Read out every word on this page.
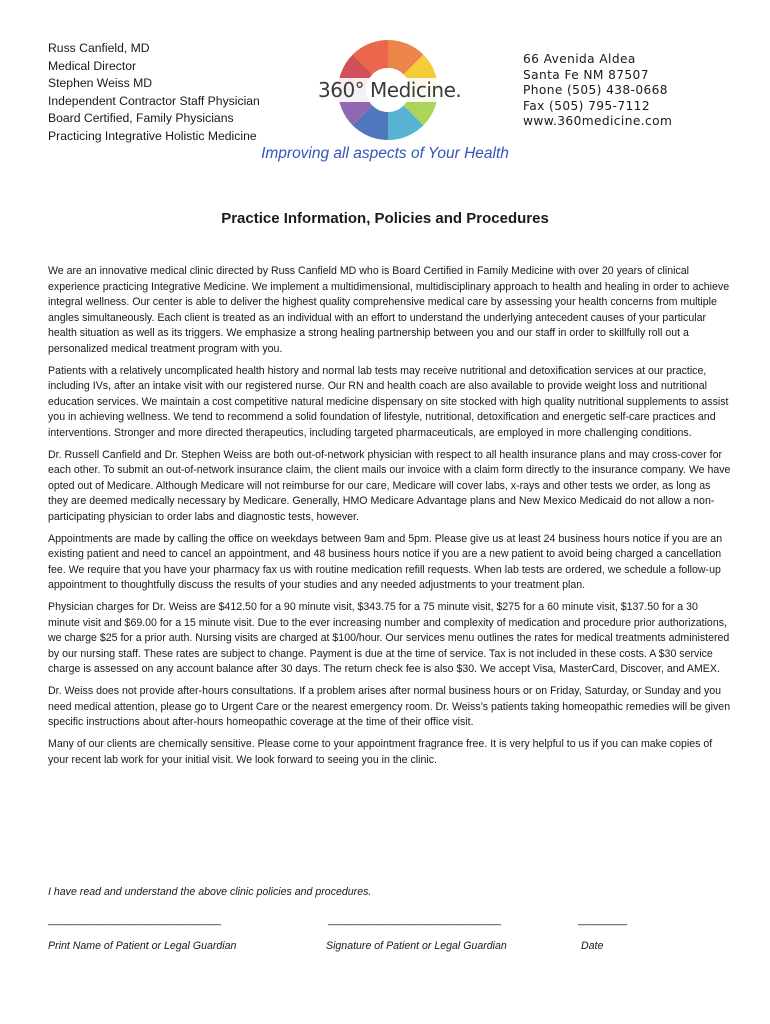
Russ Canfield, MD
Medical Director
Stephen Weiss MD
Independent Contractor Staff Physician
Board Certified, Family Physicians
Practicing Integrative Holistic Medicine
360° Medicine.
66 Avenida Aldea
Santa Fe NM 87507
Phone (505) 438-0668
Fax (505) 795-7112
www.360medicine.com
Improving all aspects of Your Health
Practice Information, Policies and Procedures

We are an innovative medical clinic directed by Russ Canfield MD who is Board Certified in Family Medicine with over 20 years of clinical experience practicing Integrative Medicine. We implement a multidimensional, multidisciplinary approach to health and healing in order to achieve integral wellness. Our center is able to deliver the highest quality comprehensive medical care by assessing your health concerns from multiple angles simultaneously. Each client is treated as an individual with an effort to understand the underlying antecedent causes of your particular health situation as well as its triggers. We emphasize a strong healing partnership between you and our staff in order to skillfully roll out a personalized medical treatment program with you.

Patients with a relatively uncomplicated health history and normal lab tests may receive nutritional and detoxification services at our practice, including IVs, after an intake visit with our registered nurse. Our RN and health coach are also available to provide weight loss and nutritional education services. We maintain a cost competitive natural medicine dispensary on site stocked with high quality nutritional supplements to assist you in achieving wellness. We tend to recommend a solid foundation of lifestyle, nutritional, detoxification and energetic self-care practices and interventions. Stronger and more directed therapeutics, including targeted pharmaceuticals, are employed in more challenging conditions.

Dr. Russell Canfield and Dr. Stephen Weiss are both out-of-network physician with respect to all health insurance plans and may cross-cover for each other. To submit an out-of-network insurance claim, the client mails our invoice with a claim form directly to the insurance company. We have opted out of Medicare. Although Medicare will not reimburse for our care, Medicare will cover labs, x-rays and other tests we order, as long as they are deemed medically necessary by Medicare. Generally, HMO Medicare Advantage plans and New Mexico Medicaid do not allow a non-participating physician to order labs and diagnostic tests, however.

Appointments are made by calling the office on weekdays between 9am and 5pm. Please give us at least 24 business hours notice if you are an existing patient and need to cancel an appointment, and 48 business hours notice if you are a new patient to avoid being charged a cancellation fee. We require that you have your pharmacy fax us with routine medication refill requests. When lab tests are ordered, we schedule a follow-up appointment to thoughtfully discuss the results of your studies and any needed adjustments to your treatment plan.

Physician charges for Dr. Weiss are $412.50 for a 90 minute visit, $343.75 for a 75 minute visit, $275 for a 60 minute visit, $137.50 for a 30 minute visit and $69.00 for a 15 minute visit. Due to the ever increasing number and complexity of medication and procedure prior authorizations, we charge $25 for a prior auth. Nursing visits are charged at $100/hour. Our services menu outlines the rates for medical treatments administered by our nursing staff. These rates are subject to change. Payment is due at the time of service. Tax is not included in these costs. A $30 service charge is assessed on any account balance after 30 days. The return check fee is also $30. We accept Visa, MasterCard, Discover, and AMEX.

Dr. Weiss does not provide after-hours consultations. If a problem arises after normal business hours or on Friday, Saturday, or Sunday and you need medical attention, please go to Urgent Care or the nearest emergency room. Dr. Weiss’s patients taking homeopathic remedies will be given specific instructions about after-hours homeopathic coverage at the time of their office visit.

Many of our clients are chemically sensitive. Please come to your appointment fragrance free. It is very helpful to us if you can make copies of your recent lab work for your initial visit. We look forward to seeing you in the clinic.

I have read and understand the above clinic policies and procedures.
________________________________	________________________________	_________
Print Name of Patient or Legal Guardian	Signature of Patient or Legal Guardian	Date
